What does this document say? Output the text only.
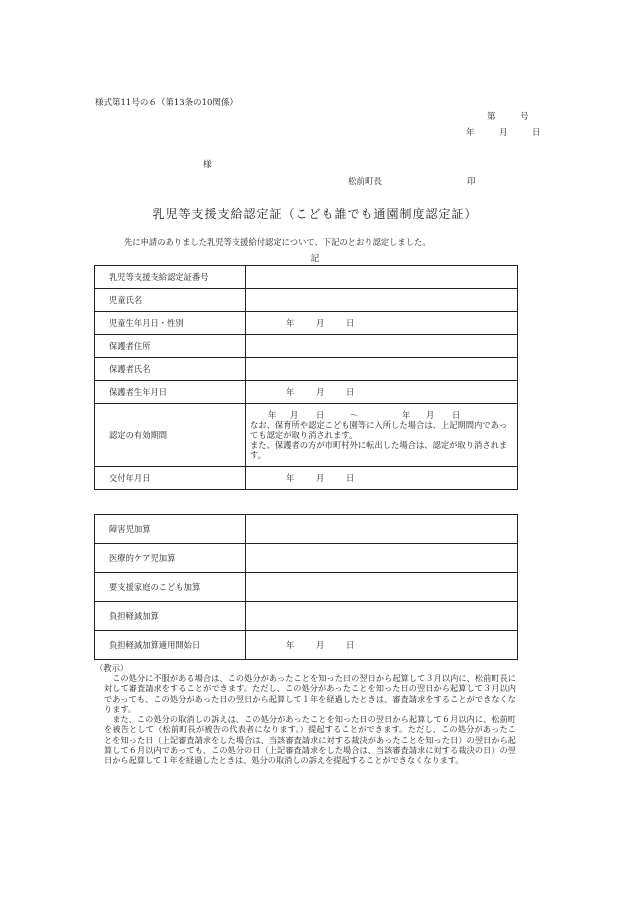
様式第11号の６（第13条の10関係）
第　号
年　月　日
様
松前町長	印
乳児等支援支給認定証（こども誰でも通園制度認定証）
先に申請のありました乳児等支援給付認定について、下記のとおり認定しました。
記
乳児等支援支給認定証番号	
児童氏名	
児童生年月日・性別	年 月 日
保護者住所	
保護者氏名	
保護者生年月日	年 月 日
認定の有効期間	年 月 日 ～ 年 月 日
なお、保育所や認定こども園等に入所した場合は、上記期間内であっても認定が取り消されます。
また、保護者の方が市町村外に転出した場合は、認定が取り消されます。

交付年月日	年 月 日
障害児加算	
医療的ケア児加算	
要支援家庭のこども加算	
負担軽減加算	
負担軽減加算適用開始日	年 月 日
（教示）

この処分に不服がある場合は、この処分があったことを知った日の翌日から起算して３月以内に、松前町長に対して審査請求をすることができます。ただし、この処分があったことを知った日の翌日から起算して３月以内であっても、この処分があった日の翌日から起算して１年を経過したときは、審査請求をすることができなくなります。

また、この処分の取消しの訴えは、この処分があったことを知った日の翌日から起算して６月以内に、松前町を被告として（松前町長が被告の代表者になります。）提起することができます。ただし、この処分があったことを知った日（上記審査請求をした場合は、当該審査請求に対する裁決があったことを知った日）の翌日から起算して６月以内であっても、この処分の日（上記審査請求をした場合は、当該審査請求に対する裁決の日）の翌日から起算して１年を経過したときは、処分の取消しの訴えを提起することができなくなります。
